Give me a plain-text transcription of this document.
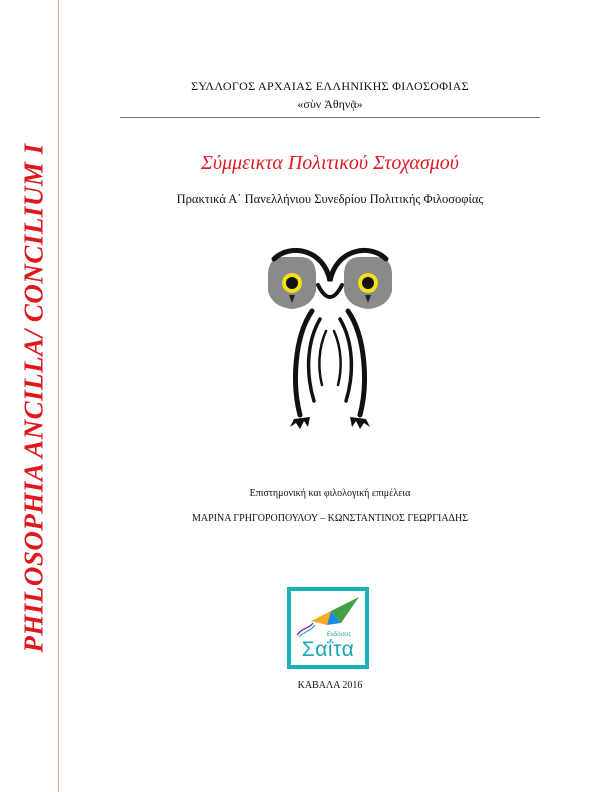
PHILOSOPHIA ANCILLA/ CONCILIUM I
ΣΥΛΛΟΓΟΣ ΑΡΧΑΙΑΣ ΕΛΛΗΝΙΚΗΣ ΦΙΛΟΣΟΦΙΑΣ
«σὺν Ἀθηνᾷ»
Σύμμεικτα Πολιτικού Στοχασμού
Πρακτικά Α΄ Πανελλήνιου Συνεδρίου Πολιτικής Φιλοσοφίας
Επιστημονική και φιλολογική επιμέλεια
ΜΑΡΙΝΑ ΓΡΗΓΟΡΟΠΟΥΛΟΥ – ΚΩΝΣΤΑΝΤΙΝΟΣ ΓΕΩΡΓΙΑΔΗΣ
Εκδόσεις
Σαΐτα
ΚΑΒΑΛΑ 2016
